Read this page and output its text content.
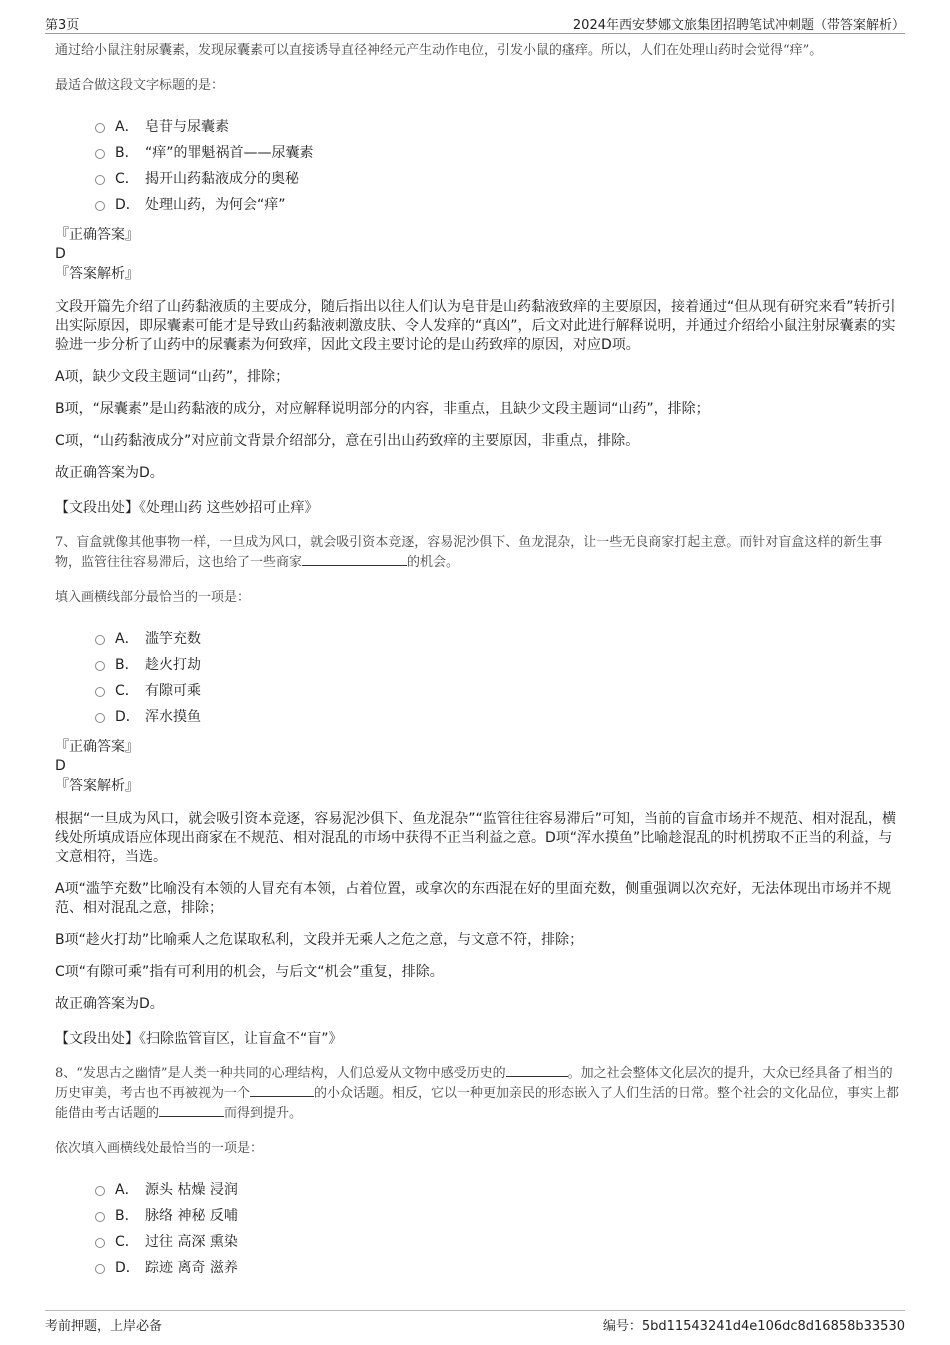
第3页	2024年西安梦娜文旅集团招聘笔试冲刺题（带答案解析）
通过给小鼠注射尿囊素，发现尿囊素可以直接诱导直径神经元产生动作电位，引发小鼠的瘙痒。所以，人们在处理山药时会觉得“痒”。
最适合做这段文字标题的是：
A． 皂苷与尿囊素
B． “痒”的罪魁祸首——尿囊素
C． 揭开山药黏液成分的奥秘
D． 处理山药，为何会“痒”
『正确答案』
D
『答案解析』
文段开篇先介绍了山药黏液质的主要成分，随后指出以往人们认为皂苷是山药黏液致痒的主要原因，接着通过“但从现有研究来看”转折引出实际原因，即尿囊素可能才是导致山药黏液刺激皮肤、令人发痒的“真凶”，后文对此进行解释说明，并通过介绍给小鼠注射尿囊素的实验进一步分析了山药中的尿囊素为何致痒，因此文段主要讨论的是山药致痒的原因，对应D项。
A项，缺少文段主题词“山药”，排除；
B项，“尿囊素”是山药黏液的成分，对应解释说明部分的内容，非重点，且缺少文段主题词“山药”，排除；
C项，“山药黏液成分”对应前文背景介绍部分，意在引出山药致痒的主要原因，非重点，排除。
故正确答案为D。
【文段出处】《处理山药 这些妙招可止痒》
7、盲盒就像其他事物一样，一旦成为风口，就会吸引资本竞逐，容易泥沙俱下、鱼龙混杂，让一些无良商家打起主意。而针对盲盒这样的新生事物，监管往往容易滞后，这也给了一些商家	的机会。
填入画横线部分最恰当的一项是：
A． 滥竽充数
B． 趁火打劫
C． 有隙可乘
D． 浑水摸鱼
『正确答案』
D
『答案解析』
根据“一旦成为风口，就会吸引资本竞逐，容易泥沙俱下、鱼龙混杂”“监管往往容易滞后”可知，当前的盲盒市场并不规范、相对混乱，横线处所填成语应体现出商家在不规范、相对混乱的市场中获得不正当利益之意。D项“浑水摸鱼”比喻趁混乱的时机捞取不正当的利益，与文意相符，当选。
A项“滥竽充数”比喻没有本领的人冒充有本领，占着位置，或拿次的东西混在好的里面充数，侧重强调以次充好，无法体现出市场并不规范、相对混乱之意，排除；
B项“趁火打劫”比喻乘人之危谋取私利，文段并无乘人之危之意，与文意不符，排除；
C项“有隙可乘”指有可利用的机会，与后文“机会”重复，排除。
故正确答案为D。
【文段出处】《扫除监管盲区，让盲盒不“盲”》
8、“发思古之幽情”是人类一种共同的心理结构，人们总爱从文物中感受历史的	。加之社会整体文化层次的提升，大众已经具备了相当的历史审美，考古也不再被视为一个	的小众话题。相反，它以一种更加亲民的形态嵌入了人们生活的日常。整个社会的文化品位，事实上都能借由考古话题的	而得到提升。
依次填入画横线处最恰当的一项是：
A． 源头 枯燥 浸润
B． 脉络 神秘 反哺
C． 过往 高深 熏染
D． 踪迹 离奇 滋养
考前押题，上岸必备	编号：5bd11543241d4e106dc8d16858b33530
